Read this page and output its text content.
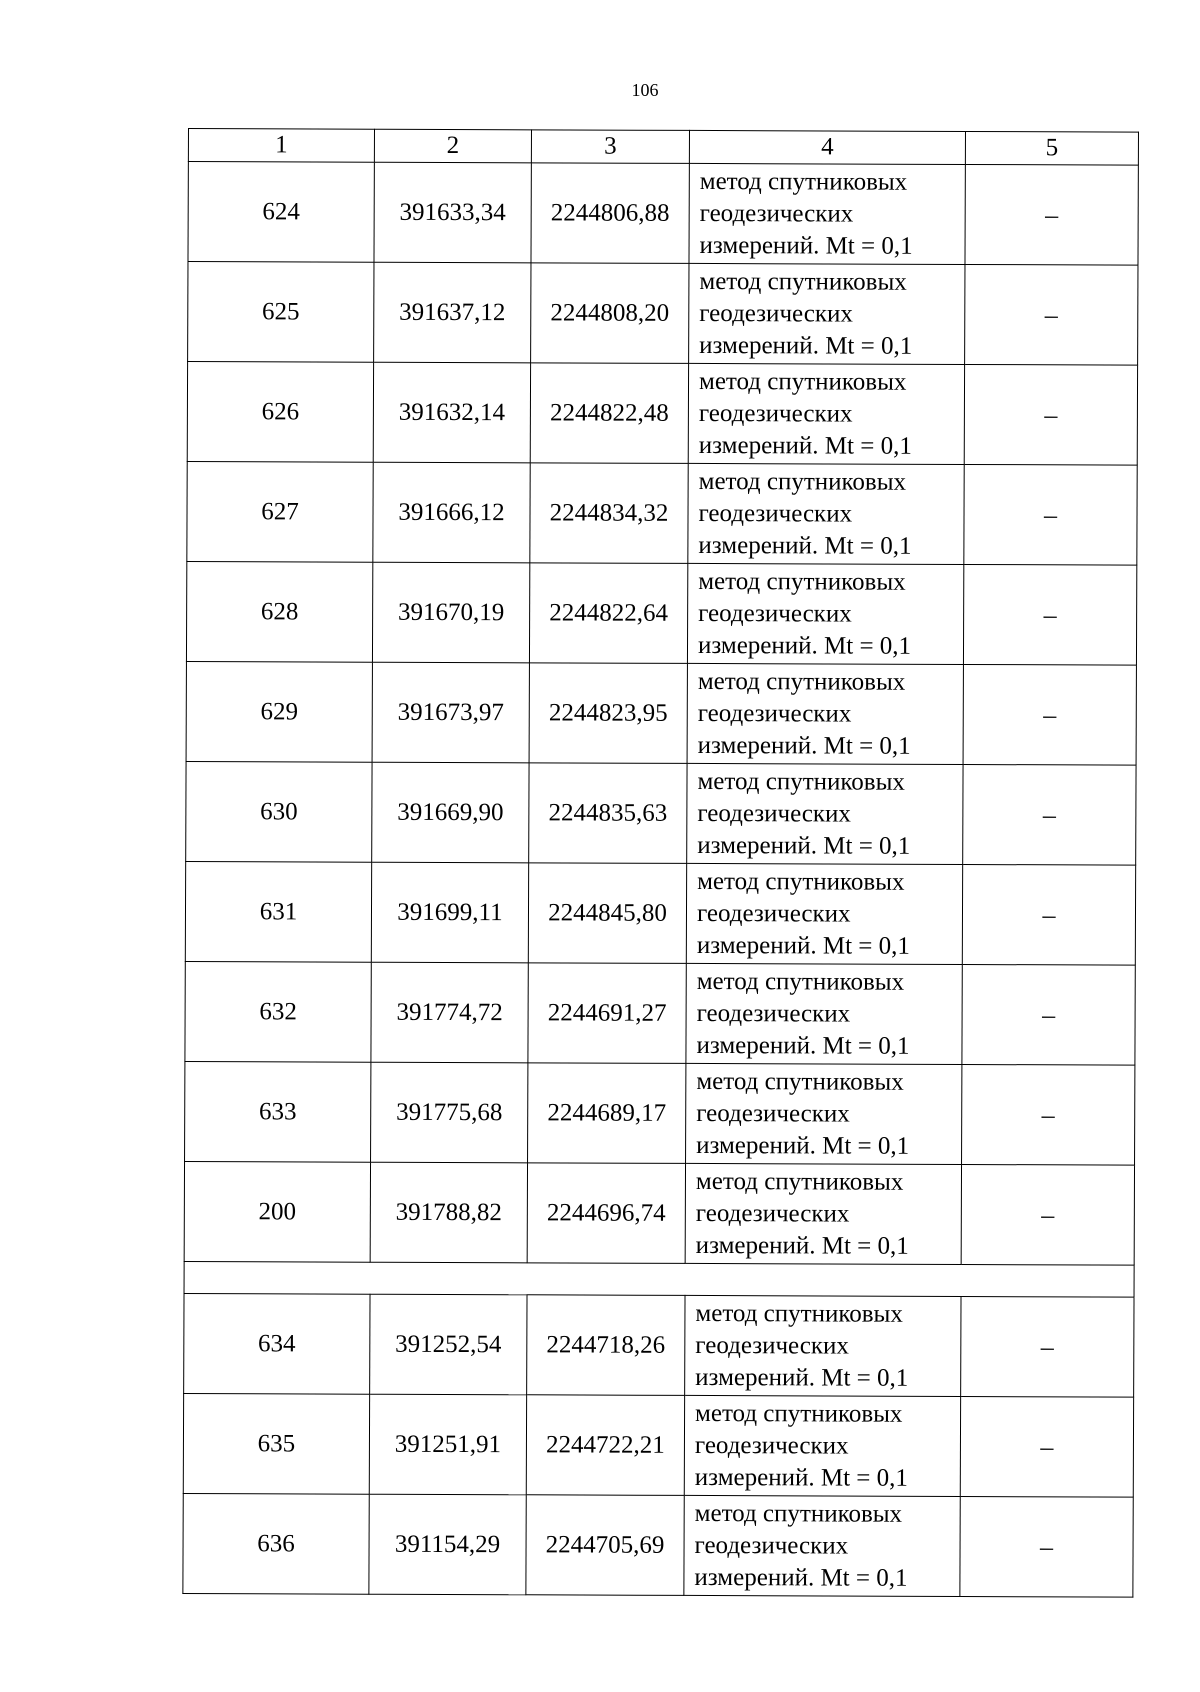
106
1	2	3	4	5
624	391633,34	2244806,88	метод спутниковых
геодезических
измерений. Mt = 0,1	–
625	391637,12	2244808,20	метод спутниковых
геодезических
измерений. Mt = 0,1	–
626	391632,14	2244822,48	метод спутниковых
геодезических
измерений. Mt = 0,1	–
627	391666,12	2244834,32	метод спутниковых
геодезических
измерений. Mt = 0,1	–
628	391670,19	2244822,64	метод спутниковых
геодезических
измерений. Mt = 0,1	–
629	391673,97	2244823,95	метод спутниковых
геодезических
измерений. Mt = 0,1	–
630	391669,90	2244835,63	метод спутниковых
геодезических
измерений. Mt = 0,1	–
631	391699,11	2244845,80	метод спутниковых
геодезических
измерений. Mt = 0,1	–
632	391774,72	2244691,27	метод спутниковых
геодезических
измерений. Mt = 0,1	–
633	391775,68	2244689,17	метод спутниковых
геодезических
измерений. Mt = 0,1	–
200	391788,82	2244696,74	метод спутниковых
геодезических
измерений. Mt = 0,1	–

634	391252,54	2244718,26	метод спутниковых
геодезических
измерений. Mt = 0,1	–
635	391251,91	2244722,21	метод спутниковых
геодезических
измерений. Mt = 0,1	–
636	391154,29	2244705,69	метод спутниковых
геодезических
измерений. Mt = 0,1	–
